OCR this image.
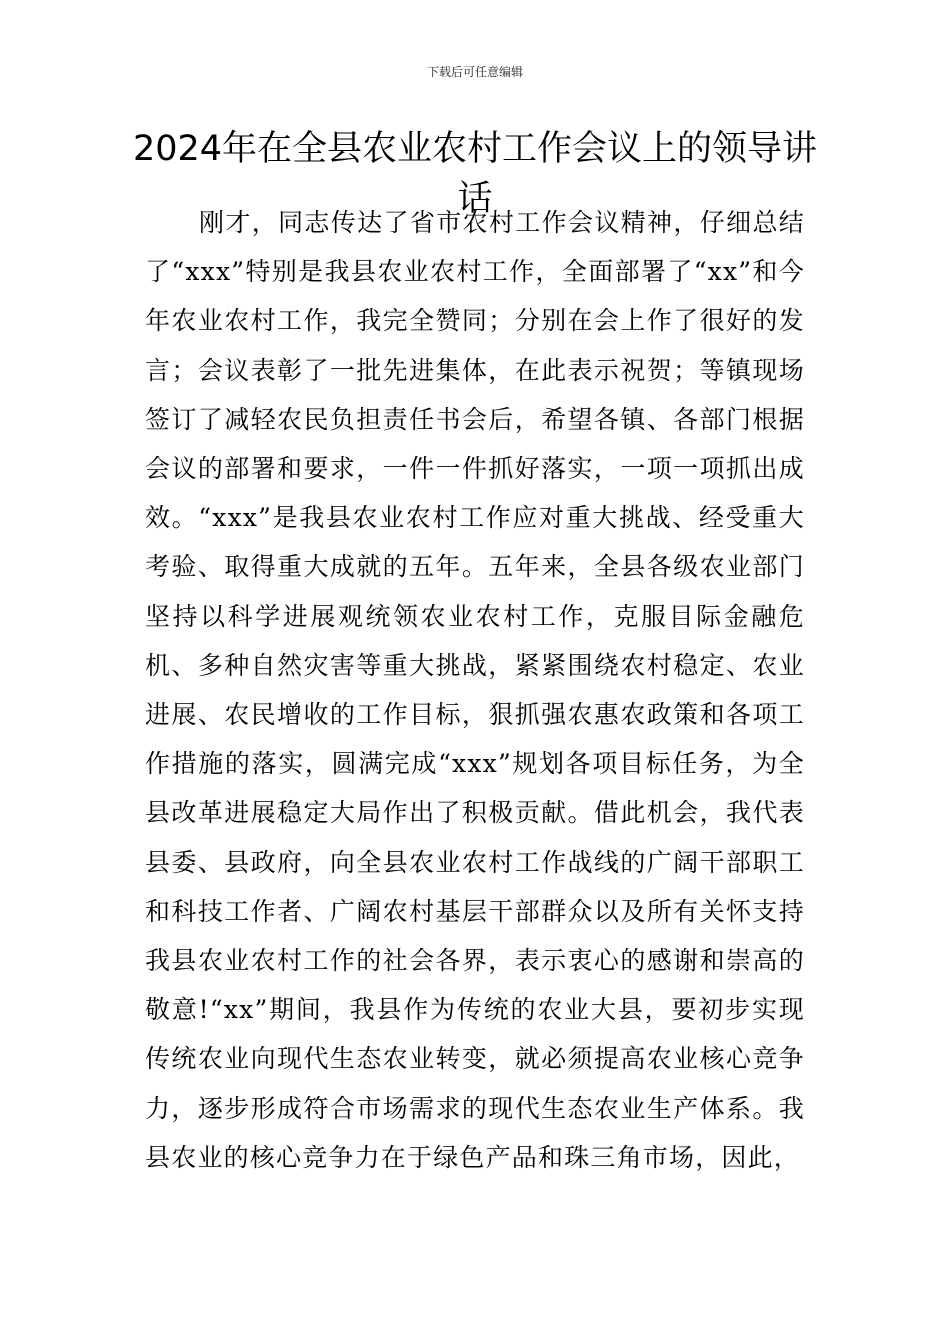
下载后可任意编辑
2024年在全县农业农村工作会议上的领导讲话

刚才，同志传达了省市农村工作会议精神，仔细总结了“xxx”特别是我县农业农村工作，全面部署了“xx”和今年农业农村工作，我完全赞同；分别在会上作了很好的发言；会议表彰了一批先进集体，在此表示祝贺；等镇现场签订了减轻农民负担责任书会后，希望各镇、各部门根据会议的部署和要求，一件一件抓好落实，一项一项抓出成效。“xxx”是我县农业农村工作应对重大挑战、经受重大考验、取得重大成就的五年。五年来，全县各级农业部门坚持以科学进展观统领农业农村工作，克服目际金融危机、多种自然灾害等重大挑战，紧紧围绕农村稳定、农业进展、农民增收的工作目标，狠抓强农惠农政策和各项工作措施的落实，圆满完成“xxx”规划各项目标任务，为全县改革进展稳定大局作出了积极贡献。借此机会，我代表县委、县政府，向全县农业农村工作战线的广阔干部职工和科技工作者、广阔农村基层干部群众以及所有关怀支持我县农业农村工作的社会各界，表示衷心的感谢和崇高的敬意!“xx”期间，我县作为传统的农业大县，要初步实现传统农业向现代生态农业转变，就必须提高农业核心竞争力，逐步形成符合市场需求的现代生态农业生产体系。我县农业的核心竞争力在于绿色产品和珠三角市场，因此，
